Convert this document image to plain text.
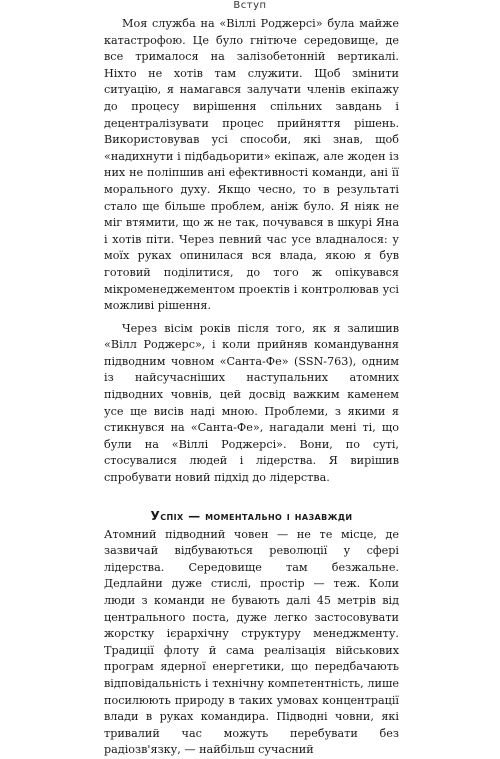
Вступ

Моя служба на «Віллі Роджерсі» була майже катастрофою. Це було гнітюче середовище, де все трималося на залізобетонній вертикалі. Ніхто не хотів там служити. Щоб змінити ситуацію, я намагався залучати членів екіпажу до процесу вирішення спільних завдань і децентралізувати процес прийняття рішень. Використовував усі способи, які знав, щоб «надихнути і підбадьорити» екіпаж, але жоден із них не поліпшив ані ефективності команди, ані її морального духу. Якщо чесно, то в результаті стало ще більше проблем, аніж було. Я ніяк не міг втямити, що ж не так, почувався в шкурі Яна і хотів піти. Через певний час усе владналося: у моїх руках опинилася вся влада, якою я був готовий поділитися, до того ж опікувався мікроменеджементом проектів і контролював усі можливі рішення.

Через вісім років після того, як я залишив «Вілл Роджерс», і коли прийняв командування підводним човном «Санта-Фе» (SSN-763), одним із найсучасніших наступальних атомних підводних човнів, цей досвід важким каменем усе ще висів наді мною. Проблеми, з якими я стикнувся на «Санта-Фе», нагадали мені ті, що були на «Віллі Роджерсі». Вони, по суті, стосувалися людей і лідерства. Я вирішив спробувати новий підхід до лідерства.

Успіх — моментально і назавжди

Атомний підводний човен — не те місце, де зазвичай відбуваються революції у сфері лідерства. Середовище там безжальне. Дедлайни дуже стислі, простір — теж. Коли люди з команди не бувають далі 45 метрів від центрального поста, дуже легко застосовувати жорстку ієрархічну структуру менеджменту. Традиції флоту й сама реалізація військових програм ядерної енергетики, що передбачають відповідальність і технічну компетентність, лише посилюють природу в таких умовах концентрації влади в руках командира. Підводні човни, які тривалий час можуть перебувати без радіозв'язку, — найбільш сучасний
